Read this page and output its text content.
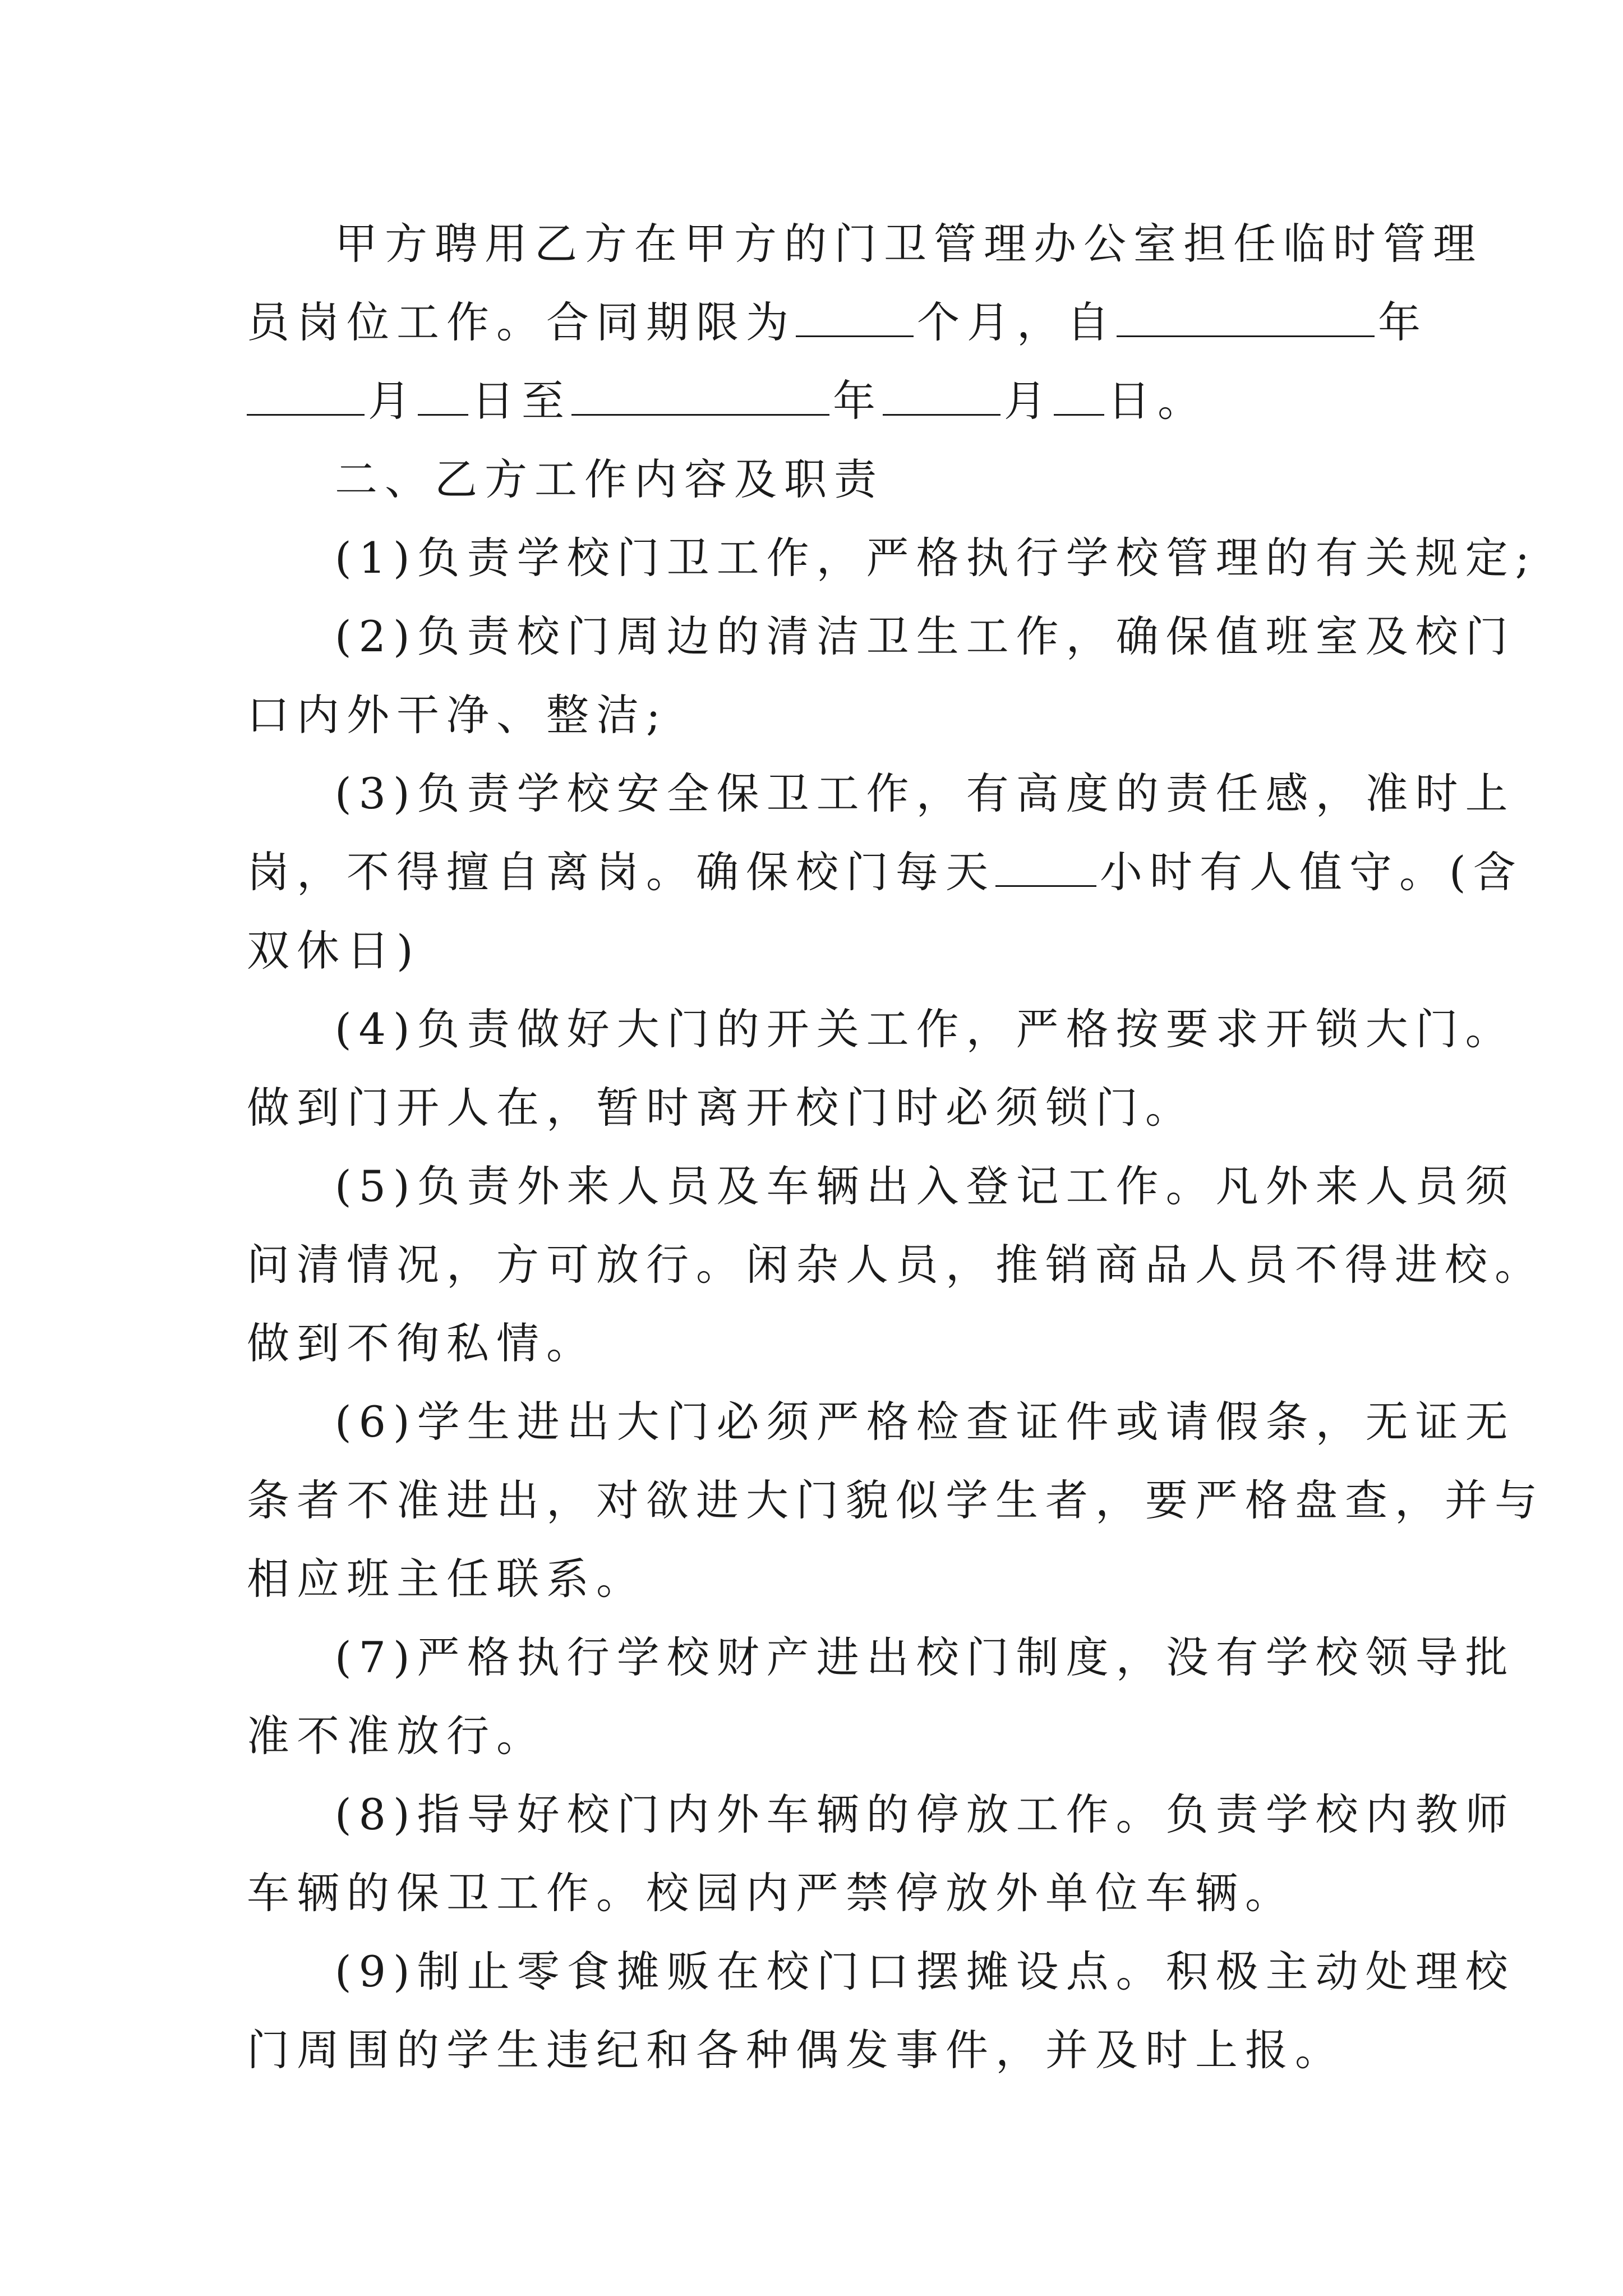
甲方聘用乙方在甲方的门卫管理办公室担任临时管理
员岗位工作。合同期限为	个月，自	年
月 日至	年	月 日。
二、乙方工作内容及职责
(1)负责学校门卫工作，严格执行学校管理的有关规定;
(2)负责校门周边的清洁卫生工作，确保值班室及校门
口内外干净、整洁;
(3)负责学校安全保卫工作，有高度的责任感，准时上
岗，不得擅自离岗。确保校门每天 小时有人值守。(含
双休日)
(4)负责做好大门的开关工作，严格按要求开锁大门。
做到门开人在，暂时离开校门时必须锁门。
(5)负责外来人员及车辆出入登记工作。凡外来人员须
问清情况，方可放行。闲杂人员，推销商品人员不得进校。
做到不徇私情。
(6)学生进出大门必须严格检查证件或请假条，无证无
条者不准进出，对欲进大门貌似学生者，要严格盘查，并与
相应班主任联系。
(7)严格执行学校财产进出校门制度，没有学校领导批
准不准放行。
(8)指导好校门内外车辆的停放工作。负责学校内教师
车辆的保卫工作。校园内严禁停放外单位车辆。
(9)制止零食摊贩在校门口摆摊设点。积极主动处理校
门周围的学生违纪和各种偶发事件，并及时上报。
